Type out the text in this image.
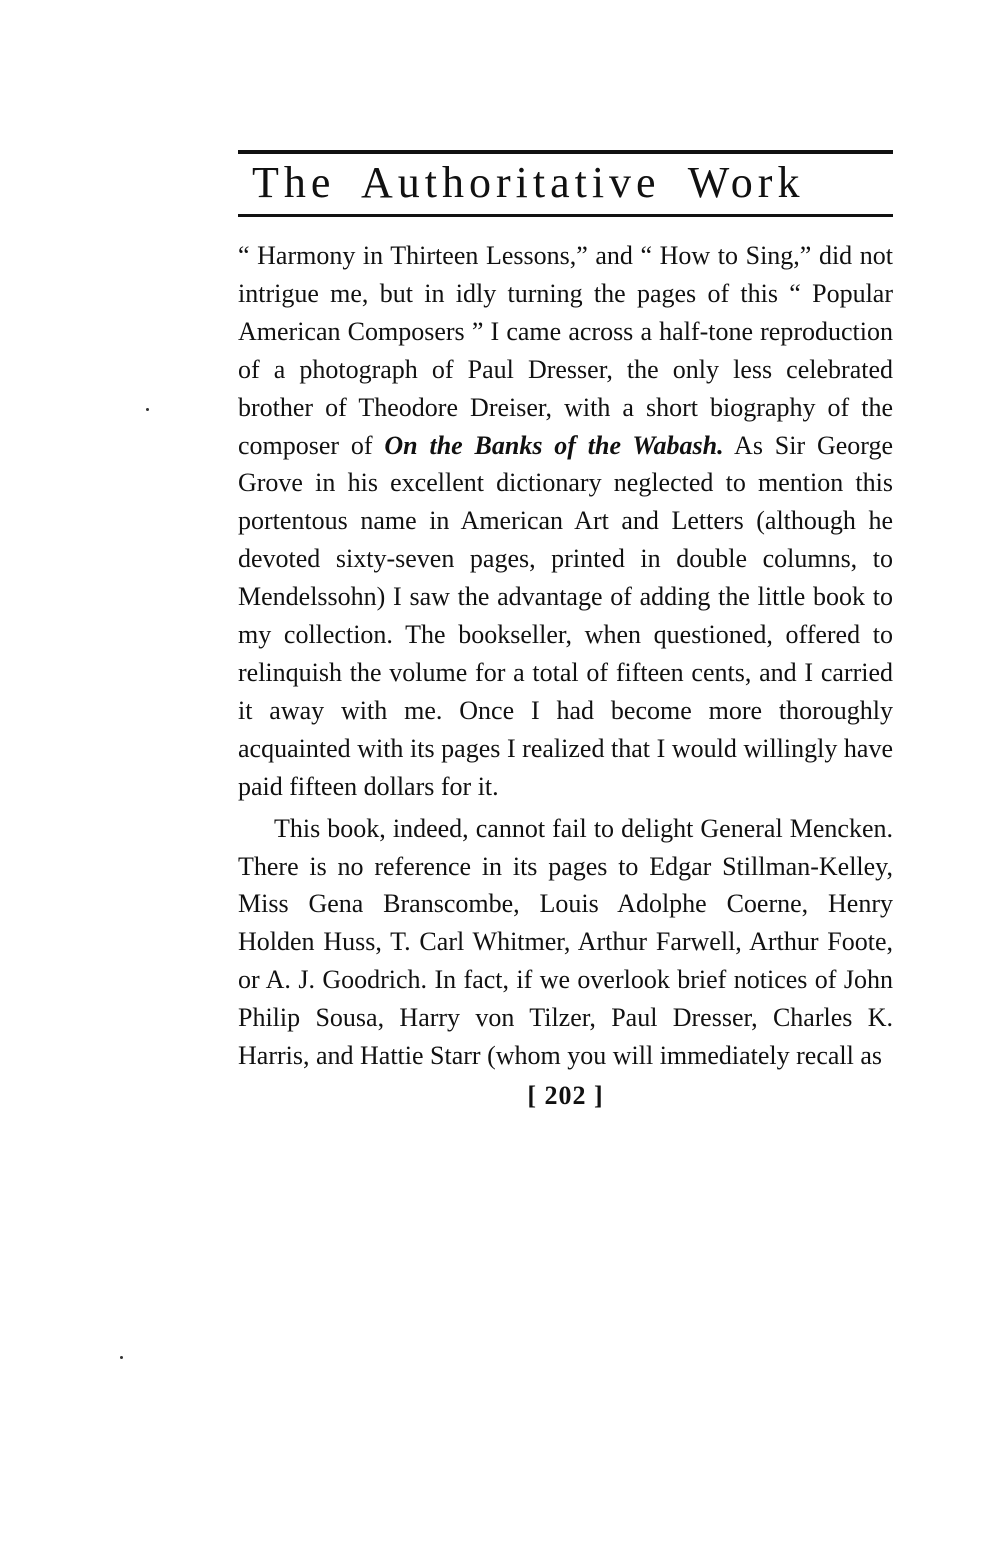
The Authoritative Work

“ Harmony in Thirteen Lessons,” and “ How to Sing,” did not intrigue me, but in idly turning the pages of this “ Popular American Composers ” I came across a half-tone reproduction of a photograph of Paul Dresser, the only less celebrated brother of Theodore Dreiser, with a short biography of the composer of On the Banks of the Wabash. As Sir George Grove in his excellent dictionary neglected to mention this portentous name in American Art and Letters (although he devoted sixty-seven pages, printed in double columns, to Mendelssohn) I saw the advantage of adding the little book to my collection. The bookseller, when questioned, offered to relinquish the volume for a total of fifteen cents, and I carried it away with me. Once I had become more thoroughly acquainted with its pages I realized that I would willingly have paid fifteen dollars for it.

This book, indeed, cannot fail to delight General Mencken. There is no reference in its pages to Edgar Stillman-Kelley, Miss Gena Branscombe, Louis Adolphe Coerne, Henry Holden Huss, T. Carl Whitmer, Arthur Farwell, Arthur Foote, or A. J. Goodrich. In fact, if we overlook brief notices of John Philip Sousa, Harry von Tilzer, Paul Dresser, Charles K. Harris, and Hattie Starr (whom you will immediately recall as

[ 202 ]
